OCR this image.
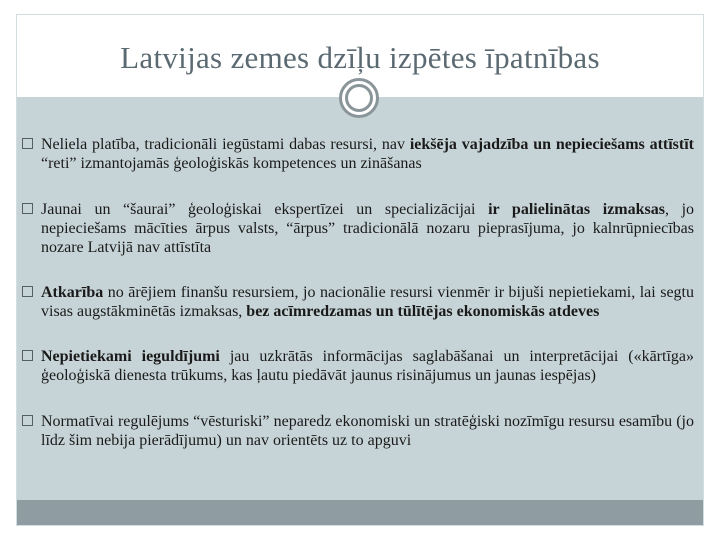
Latvijas zemes dzīļu izpētes īpatnības
Neliela platība, tradicionāli iegūstami dabas resursi, nav iekšēja vajadzība un nepieciešams attīstīt “reti” izmantojamās ģeoloģiskās kompetences un zināšanas
Jaunai un “šaurai” ģeoloģiskai ekspertīzei un specializācijai ir palielinātas izmaksas, jo nepieciešams mācīties ārpus valsts, “ārpus” tradicionālā nozaru pieprasījuma, jo kalnrūpniecības nozare Latvijā nav attīstīta
Atkarība no ārējiem finanšu resursiem, jo nacionālie resursi vienmēr ir bijuši nepietiekami, lai segtu visas augstākminētās izmaksas, bez acīmredzamas un tūlītējas ekonomiskās atdeves
Nepietiekami ieguldījumi jau uzkrātās informācijas saglabāšanai un interpretācijai («kārtīga» ģeoloģiskā dienesta trūkums, kas ļautu piedāvāt jaunus risinājumus un jaunas iespējas)
Normatīvai regulējums “vēsturiski” neparedz ekonomiski un stratēģiski nozīmīgu resursu esamību (jo līdz šim nebija pierādījumu) un nav orientēts uz to apguvi
